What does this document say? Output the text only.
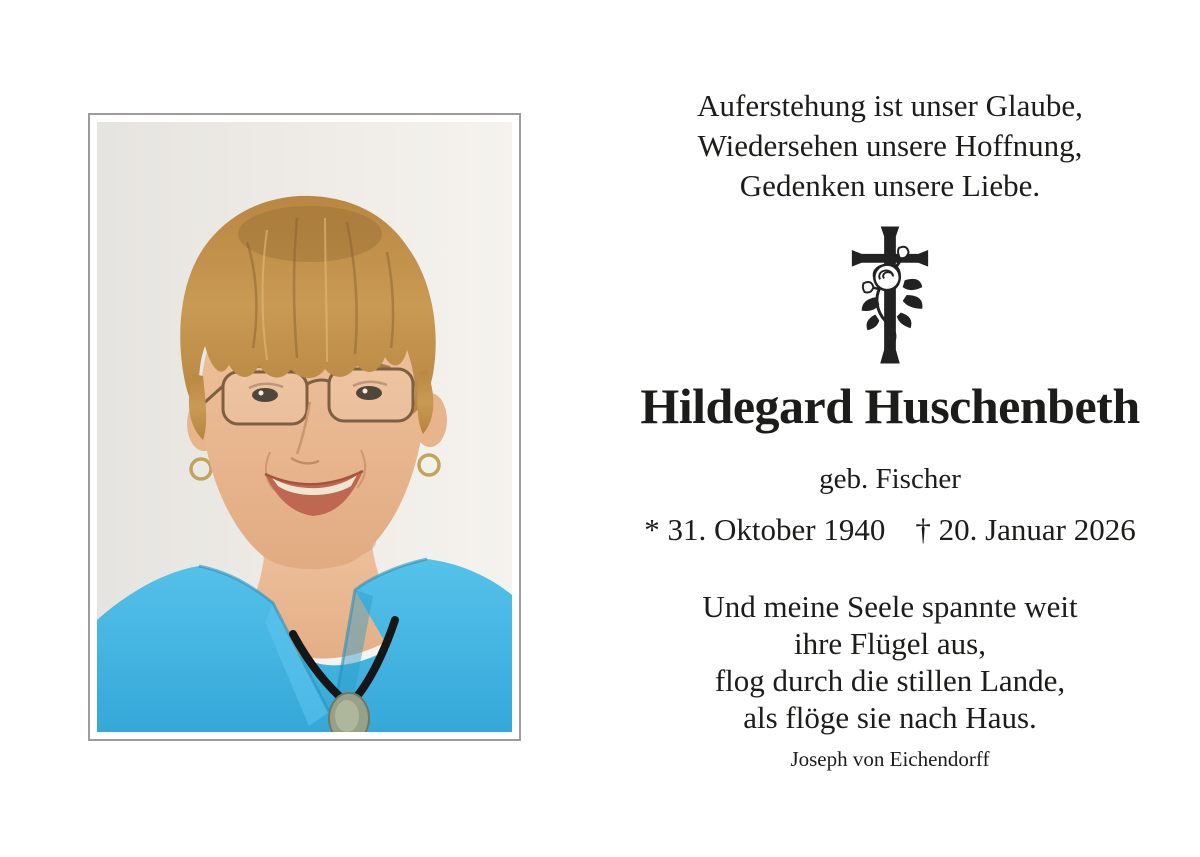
Auferstehung ist unser Glaube,
Wiedersehen unsere Hoffnung,
Gedenken unsere Liebe.
Hildegard Huschenbeth
geb. Fischer
* 31. Oktober 1940 † 20. Januar 2026
Und meine Seele spannte weit
ihre Flügel aus,
flog durch die stillen Lande,
als flöge sie nach Haus.
Joseph von Eichendorff
